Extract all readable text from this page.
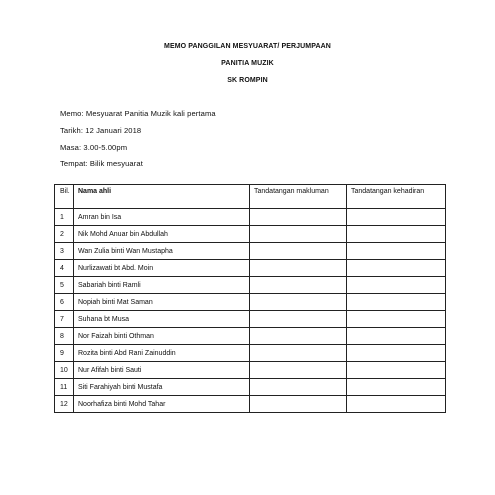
MEMO PANGGILAN MESYUARAT/ PERJUMPAAN
PANITIA MUZIK
SK ROMPIN
Memo: Mesyuarat Panitia Muzik kali pertama
Tarikh: 12 Januari 2018
Masa: 3.00-5.00pm
Tempat: Bilik mesyuarat
Bil.	Nama ahli	Tandatangan makluman	Tandatangan kehadiran
1	Amran bin Isa		
2	Nik Mohd Anuar bin Abdullah		
3	Wan Zulia binti Wan Mustapha		
4	Nurlizawati bt Abd. Moin		
5	Sabariah binti Ramli		
6	Nopiah binti Mat Saman		
7	Suhana bt Musa		
8	Nor Faizah binti Othman		
9	Rozita binti Abd Rani Zainuddin		
10	Nur Afifah binti Sauti		
11	Siti Farahiyah binti Mustafa		
12	Noorhafiza binti Mohd Tahar		
